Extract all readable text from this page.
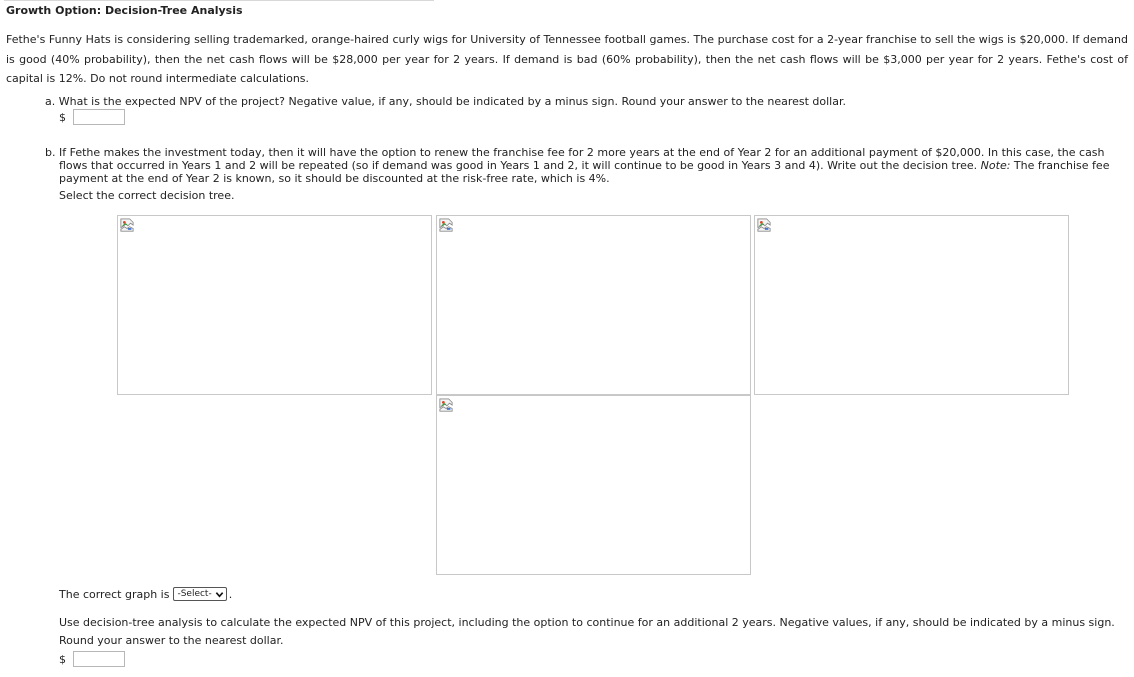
Growth Option: Decision-Tree Analysis
Fethe's Funny Hats is considering selling trademarked, orange-haired curly wigs for University of Tennessee football games. The purchase cost for a 2-year franchise to sell the wigs is $20,000. If demand is good (40% probability), then the net cash flows will be $28,000 per year for 2 years. If demand is bad (60% probability), then the net cash flows will be $3,000 per year for 2 years. Fethe's cost of capital is 12%. Do not round intermediate calculations.
a. What is the expected NPV of the project? Negative value, if any, should be indicated by a minus sign. Round your answer to the nearest dollar.
$
b. If Fethe makes the investment today, then it will have the option to renew the franchise fee for 2 more years at the end of Year 2 for an additional payment of $20,000. In this case, the cash flows that occurred in Years 1 and 2 will be repeated (so if demand was good in Years 1 and 2, it will continue to be good in Years 3 and 4). Write out the decision tree. Note: The franchise fee payment at the end of Year 2 is known, so it should be discounted at the risk-free rate, which is 4%.
Select the correct decision tree.
The correct graph is -Select- .
Use decision-tree analysis to calculate the expected NPV of this project, including the option to continue for an additional 2 years. Negative values, if any, should be indicated by a minus sign. Round your answer to the nearest dollar.
$
